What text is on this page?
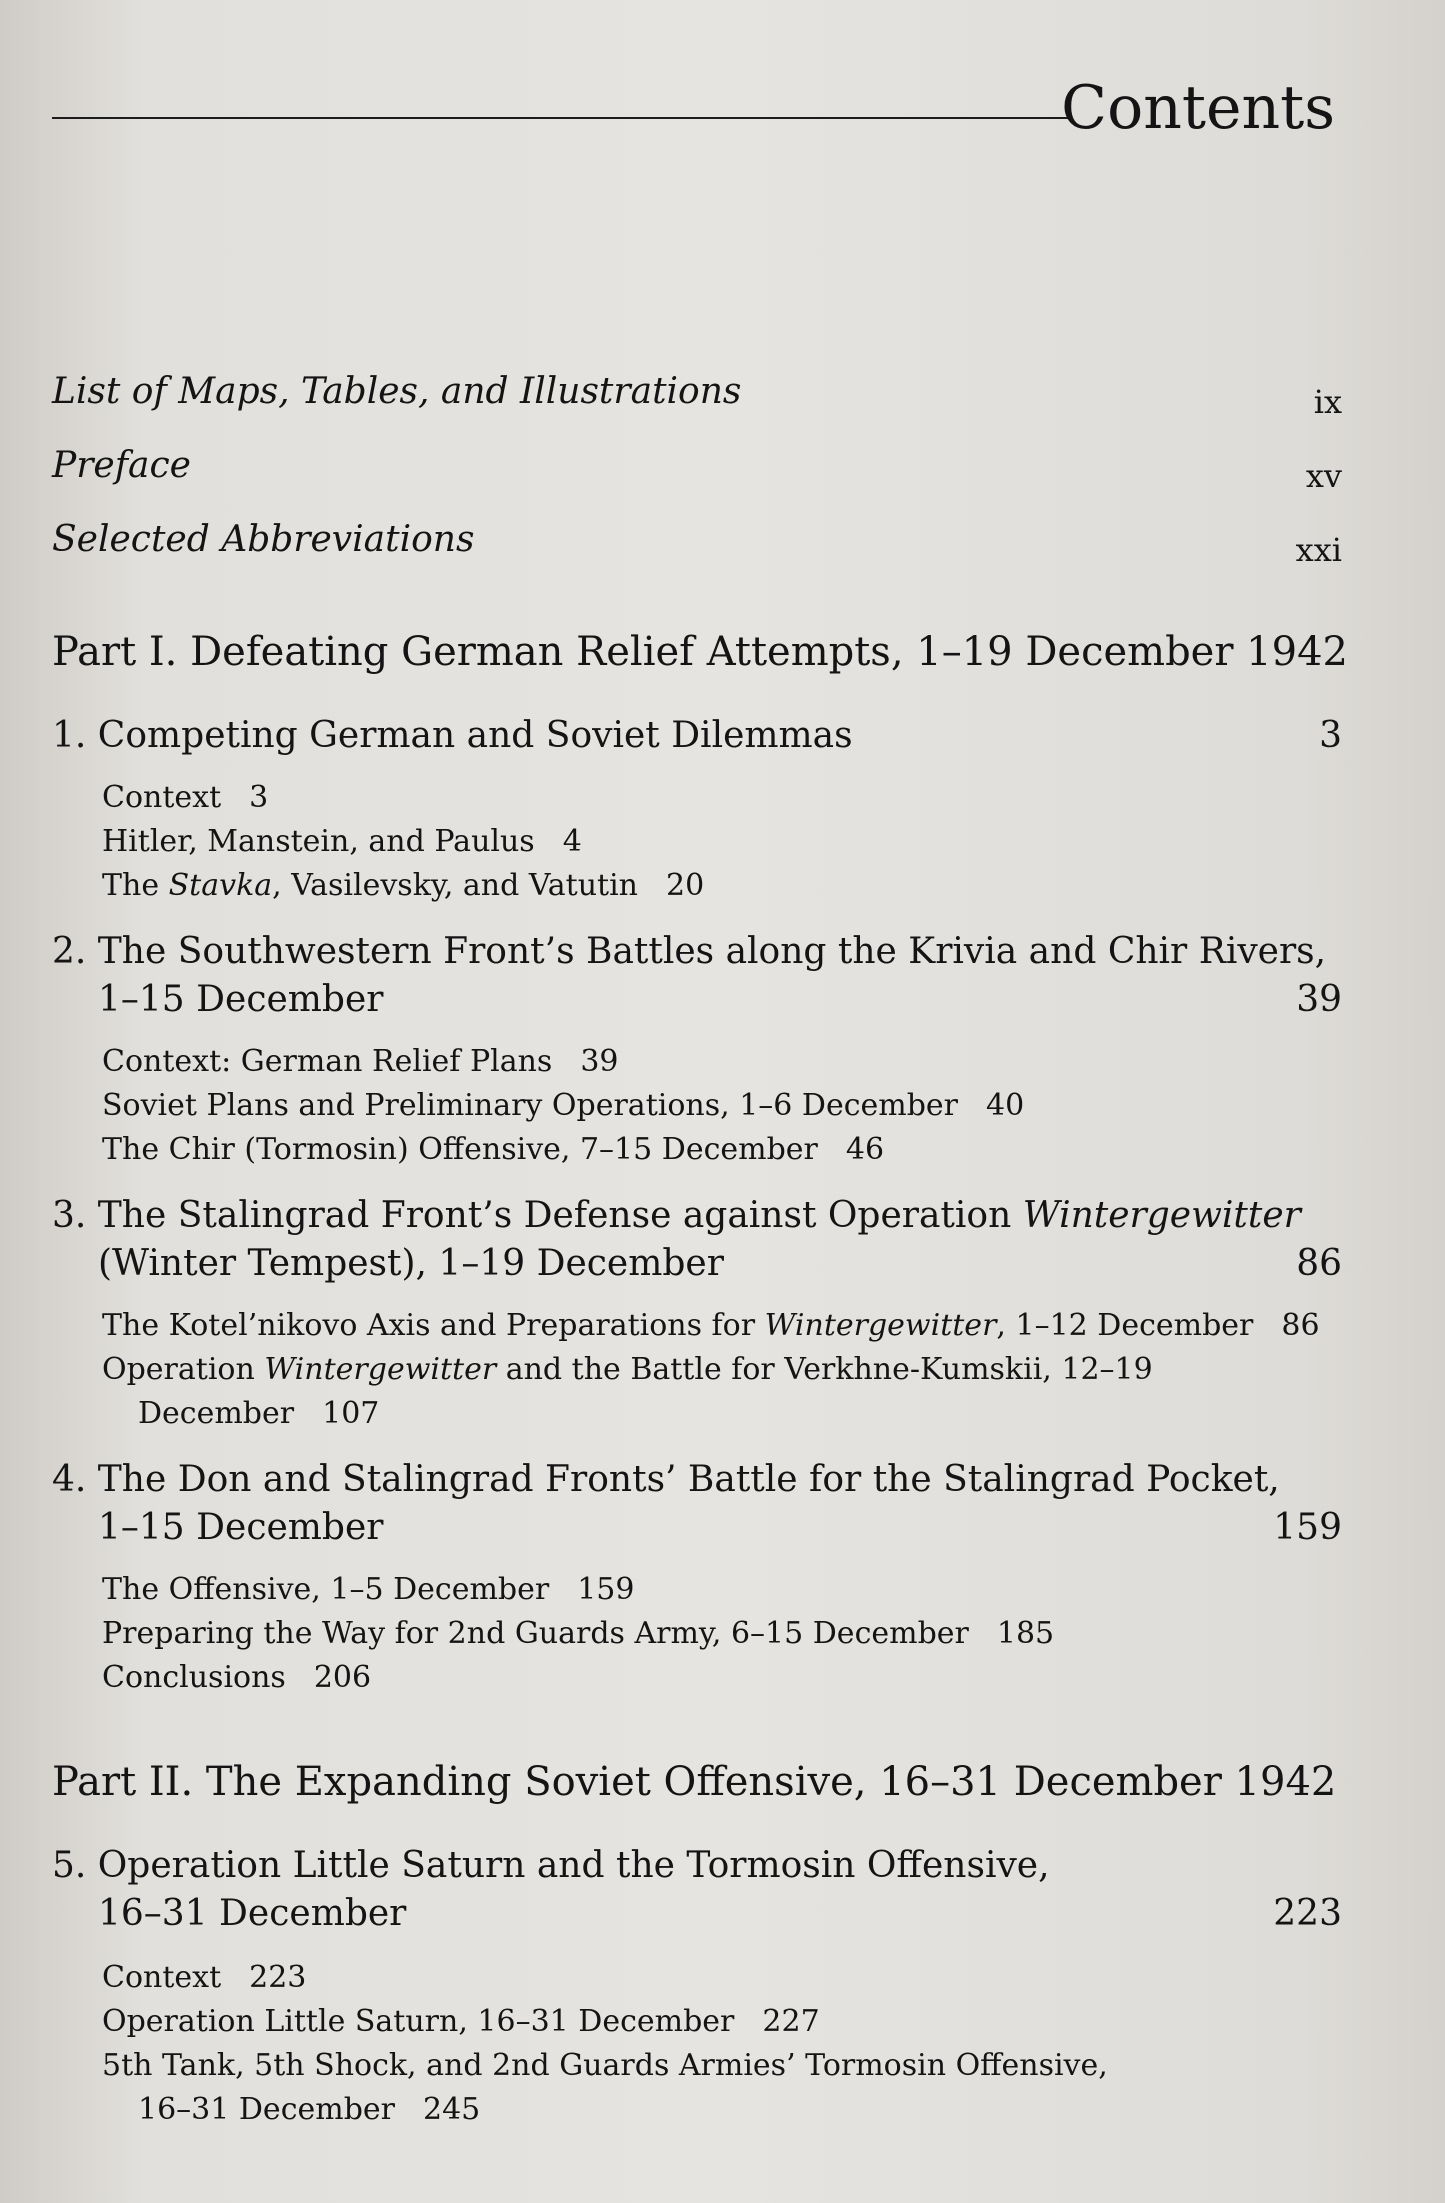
Contents
List of Maps, Tables, and Illustrations	ix
Preface	xv
Selected Abbreviations	xxi
Part I. Defeating German Relief Attempts, 1–19 December 1942
1. Competing German and Soviet Dilemmas	3
Context 3
Hitler, Manstein, and Paulus 4
The Stavka, Vasilevsky, and Vatutin 20
2. The Southwestern Front’s Battles along the Krivia and Chir Rivers,
1–15 December	39
Context: German Relief Plans 39
Soviet Plans and Preliminary Operations, 1–6 December 40
The Chir (Tormosin) Offensive, 7–15 December 46
3. The Stalingrad Front’s Defense against Operation Wintergewitter
(Winter Tempest), 1–19 December	86
The Kotel’nikovo Axis and Preparations for Wintergewitter, 1–12 December 86
Operation Wintergewitter and the Battle for Verkhne-Kumskii, 12–19
December 107
4. The Don and Stalingrad Fronts’ Battle for the Stalingrad Pocket,
1–15 December	159
The Offensive, 1–5 December 159
Preparing the Way for 2nd Guards Army, 6–15 December 185
Conclusions 206
Part II. The Expanding Soviet Offensive, 16–31 December 1942
5. Operation Little Saturn and the Tormosin Offensive,
16–31 December	223
Context 223
Operation Little Saturn, 16–31 December 227
5th Tank, 5th Shock, and 2nd Guards Armies’ Tormosin Offensive,
16–31 December 245
